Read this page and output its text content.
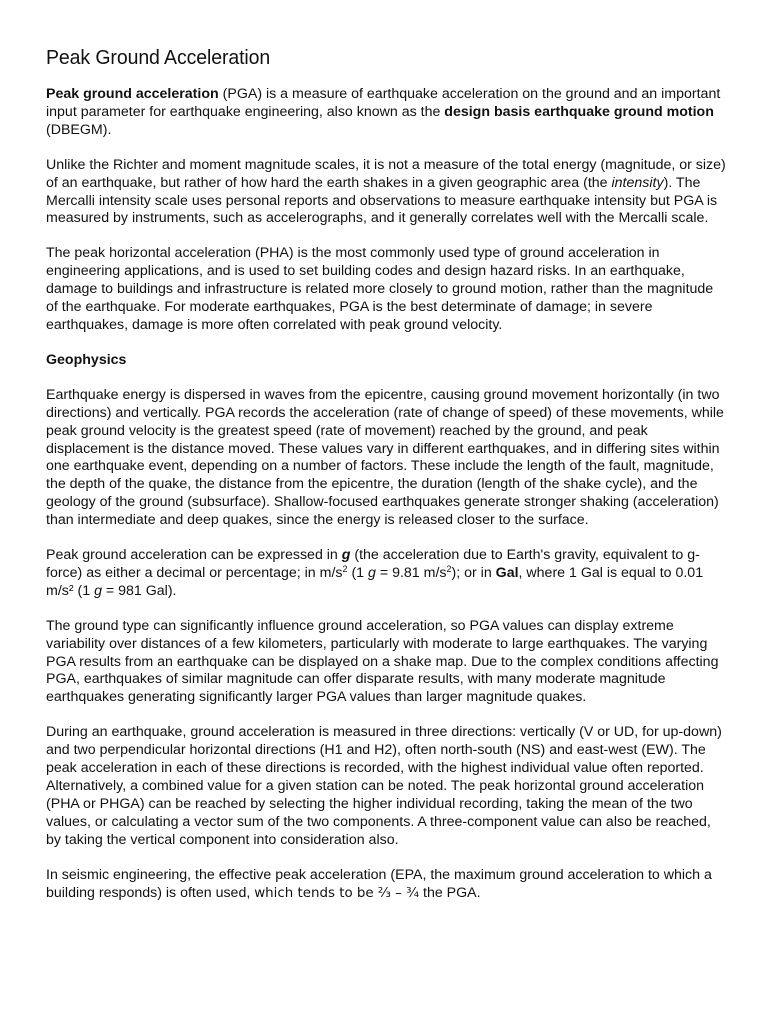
Peak Ground Acceleration

Peak ground acceleration (PGA) is a measure of earthquake acceleration on the ground and an important input parameter for earthquake engineering, also known as the design basis earthquake ground motion (DBEGM).

Unlike the Richter and moment magnitude scales, it is not a measure of the total energy (magnitude, or size) of an earthquake, but rather of how hard the earth shakes in a given geographic area (the intensity). The Mercalli intensity scale uses personal reports and observations to measure earthquake intensity but PGA is measured by instruments, such as accelerographs, and it generally correlates well with the Mercalli scale.

The peak horizontal acceleration (PHA) is the most commonly used type of ground acceleration in engineering applications, and is used to set building codes and design hazard risks. In an earthquake, damage to buildings and infrastructure is related more closely to ground motion, rather than the magnitude of the earthquake. For moderate earthquakes, PGA is the best determinate of damage; in severe earthquakes, damage is more often correlated with peak ground velocity.

Geophysics

Earthquake energy is dispersed in waves from the epicentre, causing ground movement horizontally (in two directions) and vertically. PGA records the acceleration (rate of change of speed) of these movements, while peak ground velocity is the greatest speed (rate of movement) reached by the ground, and peak displacement is the distance moved. These values vary in different earthquakes, and in differing sites within one earthquake event, depending on a number of factors. These include the length of the fault, magnitude, the depth of the quake, the distance from the epicentre, the duration (length of the shake cycle), and the geology of the ground (subsurface). Shallow-focused earthquakes generate stronger shaking (acceleration) than intermediate and deep quakes, since the energy is released closer to the surface.

Peak ground acceleration can be expressed in g (the acceleration due to Earth's gravity, equivalent to g-force) as either a decimal or percentage; in $m/s^2$ (1 g = 9.81 $m/s^2$); or in Gal, where 1 Gal is equal to 0.01 m/s² (1 g = 981 Gal).

The ground type can significantly influence ground acceleration, so PGA values can display extreme variability over distances of a few kilometers, particularly with moderate to large earthquakes. The varying PGA results from an earthquake can be displayed on a shake map. Due to the complex conditions affecting PGA, earthquakes of similar magnitude can offer disparate results, with many moderate magnitude earthquakes generating significantly larger PGA values than larger magnitude quakes.

During an earthquake, ground acceleration is measured in three directions: vertically (V or UD, for up-down) and two perpendicular horizontal directions (H1 and H2), often north-south (NS) and east-west (EW). The peak acceleration in each of these directions is recorded, with the highest individual value often reported. Alternatively, a combined value for a given station can be noted. The peak horizontal ground acceleration (PHA or PHGA) can be reached by selecting the higher individual recording, taking the mean of the two values, or calculating a vector sum of the two components. A three-component value can also be reached, by taking the vertical component into consideration also.

In seismic engineering, the effective peak acceleration (EPA, the maximum ground acceleration to which a building responds) is often used, which tends to be ⅔ – ¾ the PGA.
